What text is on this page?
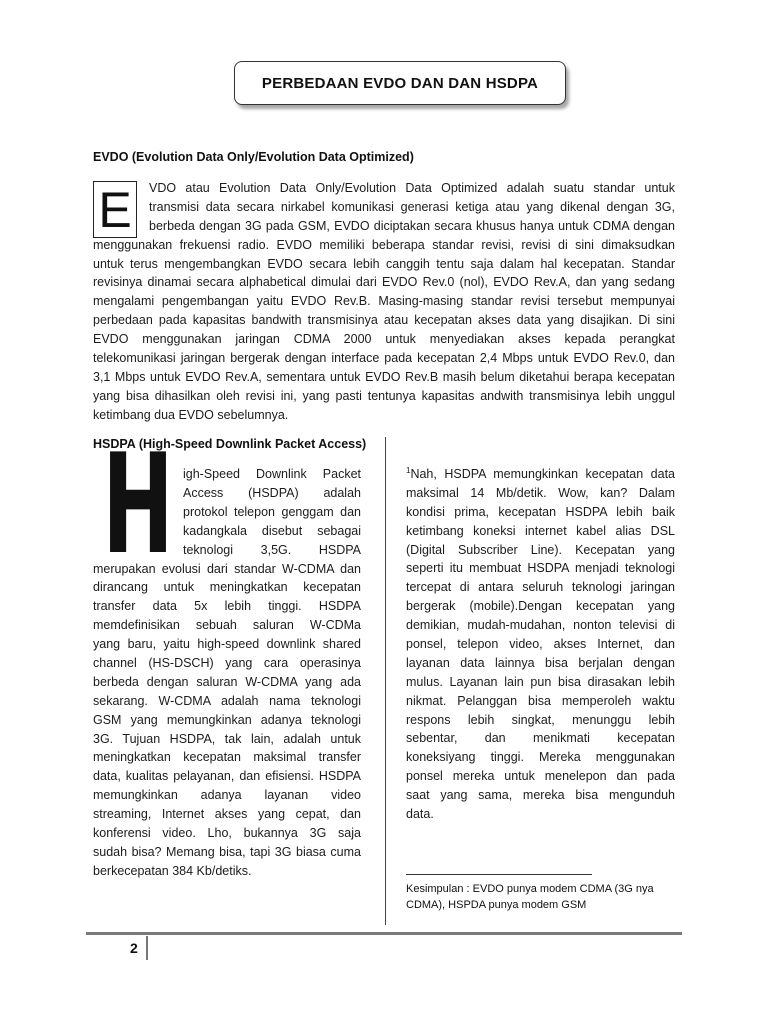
PERBEDAAN EVDO DAN DAN HSDPA
EVDO (Evolution Data Only/Evolution Data Optimized)
E	VDO atau Evolution Data Only/Evolution Data Optimized adalah suatu standar untuk
transmisi data secara nirkabel komunikasi generasi ketiga atau yang dikenal dengan 3G,
berbeda dengan 3G pada GSM, EVDO diciptakan secara khusus hanya untuk CDMA dengan
menggunakan frekuensi radio. EVDO memiliki beberapa standar revisi, revisi di sini dimaksudkan
untuk terus mengembangkan EVDO secara lebih canggih tentu saja dalam hal kecepatan. Standar
revisinya dinamai secara alphabetical dimulai dari EVDO Rev.0 (nol), EVDO Rev.A, dan yang sedang
mengalami pengembangan yaitu EVDO Rev.B. Masing-masing standar revisi tersebut mempunyai
perbedaan pada kapasitas bandwith transmisinya atau kecepatan akses data yang disajikan. Di sini
EVDO menggunakan jaringan CDMA 2000 untuk menyediakan akses kepada perangkat
telekomunikasi jaringan bergerak dengan interface pada kecepatan 2,4 Mbps untuk EVDO Rev.0, dan
3,1 Mbps untuk EVDO Rev.A, sementara untuk EVDO Rev.B masih belum diketahui berapa kecepatan
yang bisa dihasilkan oleh revisi ini, yang pasti tentunya kapasitas andwith transmisinya lebih unggul
ketimbang dua EVDO sebelumnya.
HSDPA (High-Speed Downlink Packet Access)
H igh-Speed Downlink Packet
Access (HSDPA) adalah
protokol telepon genggam dan
kadangkala disebut sebagai
teknologi 3,5G. HSDPA
merupakan evolusi dari standar W-CDMA dan
dirancang untuk meningkatkan kecepatan
transfer data 5x lebih tinggi. HSDPA
memdefinisikan sebuah saluran W-CDMa
yang baru, yaitu high-speed downlink shared
channel (HS-DSCH) yang cara operasinya
berbeda dengan saluran W-CDMA yang ada
sekarang. W-CDMA adalah nama teknologi
GSM yang memungkinkan adanya teknologi
3G. Tujuan HSDPA, tak lain, adalah untuk
meningkatkan kecepatan maksimal transfer
data, kualitas pelayanan, dan efisiensi. HSDPA
memungkinkan adanya layanan video
streaming, Internet akses yang cepat, dan
konferensi video. Lho, bukannya 3G saja
sudah bisa? Memang bisa, tapi 3G biasa cuma
berkecepatan 384 Kb/detiks.
$^1$Nah, HSDPA memungkinkan kecepatan data
maksimal 14 Mb/detik. Wow, kan? Dalam
kondisi prima, kecepatan HSDPA lebih baik
ketimbang koneksi internet kabel alias DSL
(Digital Subscriber Line). Kecepatan yang
seperti itu membuat HSDPA menjadi teknologi
tercepat di antara seluruh teknologi jaringan
bergerak (mobile).Dengan kecepatan yang
demikian, mudah-mudahan, nonton televisi di
ponsel, telepon video, akses Internet, dan
layanan data lainnya bisa berjalan dengan
mulus. Layanan lain pun bisa dirasakan lebih
nikmat. Pelanggan bisa memperoleh waktu
respons lebih singkat, menunggu lebih
sebentar, dan menikmati kecepatan
koneksiyang tinggi. Mereka menggunakan
ponsel mereka untuk menelepon dan pada
saat yang sama, mereka bisa mengunduh
data.
Kesimpulan : EVDO punya modem CDMA (3G nya
CDMA), HSPDA punya modem GSM
2
